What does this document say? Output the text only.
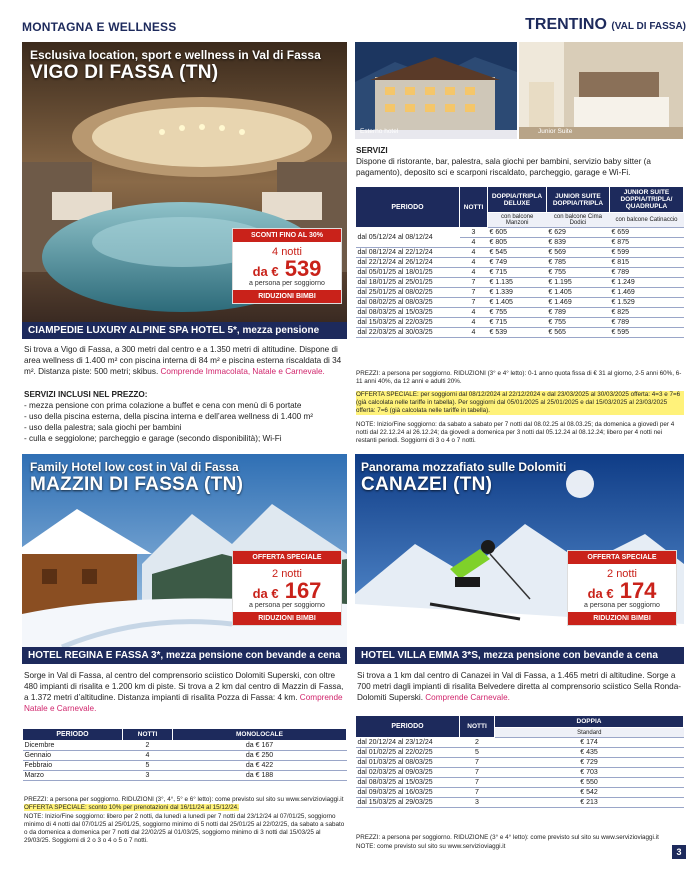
MONTAGNA E WELLNESS	TRENTINO (VAL DI FASSA)
Esclusiva location, sport e wellness in Val di Fassa
VIGO DI FASSA (TN)
SCONTI FINO AL 30%
4 notti
da € 539
a persona per soggiorno
RIDUZIONI BIMBI
CIAMPEDIE LUXURY ALPINE SPA HOTEL 5*, mezza pensione
Si trova a Vigo di Fassa, a 300 metri dal centro e a 1.350 metri di altitudine. Dispone di area wellness di 1.400 m² con piscina interna di 84 m² e piscina esterna riscaldata di 34 m². Distanza piste: 500 metri; skibus. Comprende Immacolata, Natale e Carnevale.
SERVIZI INCLUSI NEL PREZZO:
- mezza pensione con prima colazione a buffet e cena con menù di 6 portate
- uso della piscina esterna, della piscina interna e dell’area wellness di 1.400 m²
- uso della palestra; sala giochi per bambini
- culla e seggiolone; parcheggio e garage (secondo disponibilità); Wi-Fi
Esterno hotel	Junior Suite
SERVIZI
Dispone di ristorante, bar, palestra, sala giochi per bambini, servizio baby sitter (a pagamento), deposito sci e scarponi riscaldato, parcheggio, garage e Wi-Fi.
PERIODO	NOTTI	DOPPIA/TRIPLA DELUXE	JUNIOR SUITE DOPPIA/TRIPLA	JUNIOR SUITE DOPPIA/TRIPLA/ QUADRUPLA
		con balcone Manzoni	con balcone Cima Dodici	con balcone Catinaccio
dal 05/12/24 al 08/12/24	3	€ 605	€ 629	€ 659
	4	€ 805	€ 839	€ 875
dal 08/12/24 al 22/12/24	4	€ 545	€ 569	€ 599
dal 22/12/24 al 26/12/24	4	€ 749	€ 785	€ 815
dal 05/01/25 al 18/01/25	4	€ 715	€ 755	€ 789
dal 18/01/25 al 25/01/25	7	€ 1.135	€ 1.195	€ 1.249
dal 25/01/25 al 08/02/25	7	€ 1.339	€ 1.405	€ 1.469
dal 08/02/25 al 08/03/25	7	€ 1.405	€ 1.469	€ 1.529
dal 08/03/25 al 15/03/25	4	€ 755	€ 789	€ 825
dal 15/03/25 al 22/03/25	4	€ 715	€ 755	€ 789
dal 22/03/25 al 30/03/25	4	€ 539	€ 565	€ 595
PREZZI: a persona per soggiorno. RIDUZIONI (3° e 4° letto): 0-1 anno quota fissa di € 31 al giorno, 2-5 anni 60%, 6-11 anni 40%, da 12 anni e adulti 20%.
OFFERTA SPECIALE: per soggiorni dal 08/12/2024 al 22/12/2024 e dal 23/03/2025 al 30/03/2025 offerta: 4=3 e 7=6 (già calcolata nelle tariffe in tabella). Per soggiorni dal 05/01/2025 al 25/01/2025 e dal 15/03/2025 al 23/03/2025 offerta: 7=6 (già calcolata nelle tariffe in tabella).
NOTE: Inizio/Fine soggiorno: da sabato a sabato per 7 notti dal 08.02.25 al 08.03.25; da domenica a giovedì per 4 notti dal 22.12.24 al 26.12.24; da giovedì a domenica per 3 notti dal 05.12.24 al 08.12.24; libero per 4 notti nei restanti periodi. Soggiorni di 3 o 4 o 7 notti.
Family Hotel low cost in Val di Fassa
MAZZIN DI FASSA (TN)
OFFERTA SPECIALE
2 notti
da € 167
a persona per soggiorno
RIDUZIONI BIMBI
HOTEL REGINA E FASSA 3*, mezza pensione con bevande a cena
Sorge in Val di Fassa, al centro del comprensorio sciistico Dolomiti Superski, con oltre 480 impianti di risalita e 1.200 km di piste. Si trova a 2 km dal centro di Mazzin di Fassa, a 1.372 metri d’altitudine. Distanza impianti di risalita Pozza di Fassa: 4 km. Comprende Natale e Carnevale.
PERIODO	NOTTI	MONOLOCALE
Dicembre	2	da € 167
Gennaio	4	da € 250
Febbraio	5	da € 422
Marzo	3	da € 188
PREZZI: a persona per soggiorno. RIDUZIONI (3°, 4°, 5° e 6° letto): come previsto sul sito su www.servizioviaggi.it
OFFERTA SPECIALE: sconto 10% per prenotazioni dal 16/11/24 al 15/12/24.
NOTE: Inizio/Fine soggiorno: libero per 2 notti, da lunedì a lunedì per 7 notti dal 23/12/24 al 07/01/25, soggiorno minimo di 4 notti dal 07/01/25 al 25/01/25, soggiorno minimo di 5 notti dal 25/01/25 al 22/02/25, da sabato a sabato o da domenica a domenica per 7 notti dal 22/02/25 al 01/03/25, soggiorno minimo di 3 notti dal 15/03/25 al 29/03/25. Soggiorni di 2 o 3 o 4 o 5 o 7 notti.
Panorama mozzafiato sulle Dolomiti
CANAZEI (TN)
OFFERTA SPECIALE
2 notti
da € 174
a persona per soggiorno
RIDUZIONI BIMBI
HOTEL VILLA EMMA 3*S, mezza pensione con bevande a cena
Si trova a 1 km dal centro di Canazei in Val di Fassa, a 1.465 metri di altitudine. Sorge a 700 metri dagli impianti di risalita Belvedere diretta al comprensorio sciistico Sella Ronda-Dolomiti Superski. Comprende Carnevale.
PERIODO	NOTTI	DOPPIA
		Standard
dal 20/12/24 al 23/12/24	2	€ 174
dal 01/02/25 al 22/02/25	5	€ 435
dal 01/03/25 al 08/03/25	7	€ 729
dal 02/03/25 al 09/03/25	7	€ 703
dal 08/03/25 al 15/03/25	7	€ 550
dal 09/03/25 al 16/03/25	7	€ 542
dal 15/03/25 al 29/03/25	3	€ 213
PREZZI: a persona per soggiorno. RIDUZIONE (3° e 4° letto): come previsto sul sito su www.servizioviaggi.it
NOTE: come previsto sul sito su www.servizioviaggi.it
3
